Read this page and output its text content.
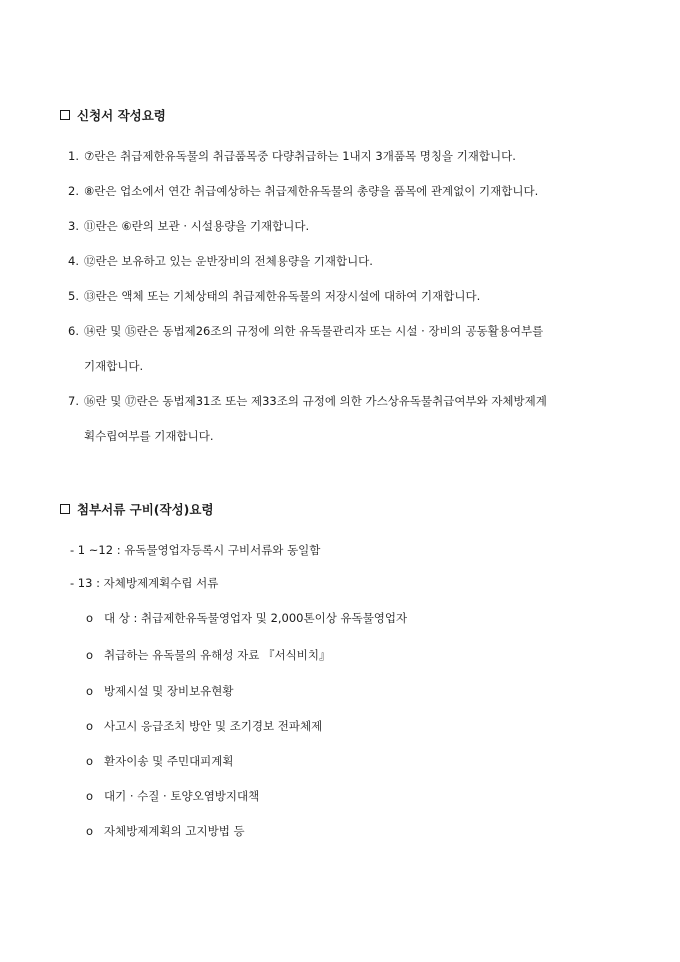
신청서 작성요령
1. ⑦란은 취급제한유독물의 취급품목중 다량취급하는 1내지 3개품목 명칭을 기재합니다.
2. ⑧란은 업소에서 연간 취급예상하는 취급제한유독물의 총량을 품목에 관계없이 기재합니다.
3. ⑪란은 ⑥란의 보관 · 시설용량을 기재합니다.
4. ⑫란은 보유하고 있는 운반장비의 전체용량을 기재합니다.
5. ⑬란은 액체 또는 기체상태의 취급제한유독물의 저장시설에 대하여 기재합니다.
6. ⑭란 및 ⑮란은 동법제26조의 규정에 의한 유독물관리자 또는 시설 · 장비의 공동활용여부를
기재합니다.
7. ⑯란 및 ⑰란은 동법제31조 또는 제33조의 규정에 의한 가스상유독물취급여부와 자체방제계
획수립여부를 기재합니다.
첨부서류 구비(작성)요령
- 1 ~12 : 유독물영업자등록시 구비서류와 동일함
- 13 : 자체방제계획수립 서류
o 대 상 : 취급제한유독물영업자 및 2,000톤이상 유독물영업자
o 취급하는 유독물의 유해성 자료 『서식비치』
o 방제시설 및 장비보유현황
o 사고시 응급조치 방안 및 조기경보 전파체제
o 환자이송 및 주민대피계획
o 대기 · 수질 · 토양오염방지대책
o 자체방제계획의 고지방법 등
